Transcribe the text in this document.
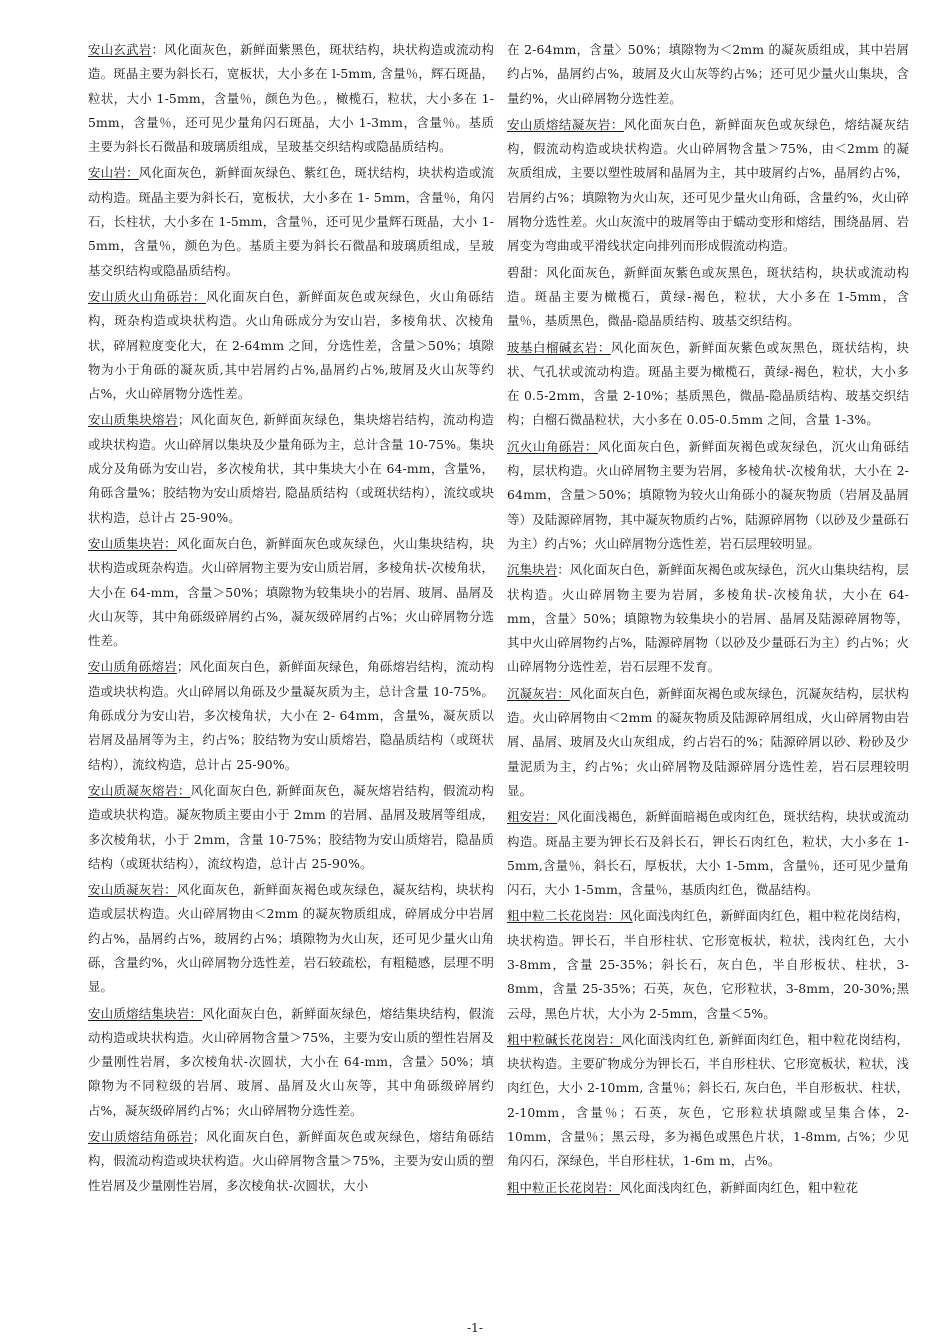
安山玄武岩：风化面灰色，新鲜面紫黑色，斑状结构，块状构造或流动构造。斑晶主要为斜长石，宽板状，大小多在 l-5mm, 含量％，辉石斑晶，粒状，大小 1-5mm，含量％，颜色为色。，橄榄石，粒状，大小多在 1-5mm，含量％，还可见少量角闪石斑晶，大小 1-3mm，含量％。基质主要为斜长石微晶和玻璃质组成，呈玻基交织结构或隐晶质结构。
安山岩：风化面灰色，新鲜面灰绿色、紫红色，斑状结构，块状构造或流动构造。斑晶主要为斜长石，宽板状，大小多在 1- 5mm，含量％，角闪石，长柱状，大小多在 1-5mm，含量％，还可见少量辉石斑晶，大小 1-5mm，含量％，颜色为色。基质主要为斜长石微晶和玻璃质组成，呈玻基交织结构或隐晶质结构。
安山质火山角砾岩：风化面灰白色，新鲜面灰色或灰绿色，火山角砾结构，斑杂构造或块状构造。火山角砾成分为安山岩，多棱角状、次棱角状，碎屑粒度变化大，在 2-64mm 之间，分选性差，含量＞50%；填隙物为小于角砾的凝灰质,其中岩屑约占%,晶屑约占%,玻屑及火山灰等约占%，火山碎屑物分选性差。
安山质集块熔岩；风化面灰色, 新鲜面灰绿色，集块熔岩结构，流动构造或块状构造。火山碎屑以集块及少量角砾为主，总计含量 10-75%。集块成分及角砾为安山岩，多次棱角状，其中集块大小在 64-mm，含量%，角砾含量%；胶结物为安山质熔岩, 隐晶质结构（或斑状结构），流纹或块状构造，总计占 25-90%。
安山质集块岩：风化面灰白色，新鲜面灰色或灰绿色，火山集块结构，块状构造或斑杂构造。火山碎屑物主要为安山质岩屑，多棱角状-次棱角状，大小在 64-mm，含量＞50%；填隙物为较集块小的岩屑、玻屑、晶屑及火山灰等，其中角砾级碎屑约占%，凝灰级碎屑约占%；火山碎屑物分选性差。
安山质角砾熔岩；风化面灰白色，新鲜面灰绿色，角砾熔岩结构，流动构造或块状构造。火山碎屑以角砾及少量凝灰质为主，总计含量 10-75%。角砾成分为安山岩，多次棱角状，大小在 2- 64mm，含量%，凝灰质以岩屑及晶屑等为主，约占%；胶结物为安山质熔岩，隐晶质结构（或斑状结构），流纹构造，总计占 25-90%。
安山质凝灰熔岩：风化面灰白色, 新鲜面灰色，凝灰熔岩结构，假流动构造或块状构造。凝灰物质主要由小于 2mm 的岩屑、晶屑及玻屑等组成，多次棱角状，小于 2mm，含量 10-75%；胶结物为安山质熔岩，隐晶质结构（或斑状结构），流纹构造，总计占 25-90%。
安山质凝灰岩：风化面灰色，新鲜面灰褐色或灰绿色，凝灰结构，块状构造或层状构造。火山碎屑物由＜2mm 的凝灰物质组成，碎屑成分中岩屑约占%，晶屑约占%，玻屑约占%；填隙物为火山灰，还可见少量火山角砾，含量约%，火山碎屑物分选性差，岩石较疏松，有粗糙感，层理不明显。
安山质熔结集块岩：风化面灰白色，新鲜面灰绿色，熔结集块结构，假流动构造或块状构造。火山碎屑物含量＞75%，主要为安山质的塑性岩屑及少量刚性岩屑，多次棱角状-次圆状，大小在 64-mm，含量〉50%；填隙物为不同粒级的岩屑、玻屑、晶屑及火山灰等，其中角砾级碎屑约占%，凝灰级碎屑约占%；火山碎屑物分选性差。
安山质熔结角砾岩；风化面灰白色，新鲜面灰色或灰绿色，熔结角砾结构，假流动构造或块状构造。火山碎屑物含量＞75%，主要为安山质的塑性岩屑及少量刚性岩屑，多次棱角状-次圆状，大小
在 2-64mm，含量〉50%；填隙物为＜2mm 的凝灰质组成，其中岩屑约占%，晶屑约占%，玻屑及火山灰等约占%；还可见少量火山集块，含量约%，火山碎屑物分选性差。
安山质熔结凝灰岩：风化面灰白色，新鲜面灰色或灰绿色，熔结凝灰结构，假流动构造或块状构造。火山碎屑物含量＞75%，由＜2mm 的凝灰质组成，主要以塑性玻屑和晶屑为主，其中玻屑约占%，晶屑约占%，岩屑约占%；填隙物为火山灰，还可见少量火山角砾，含量约%，火山碎屑物分选性差。火山灰流中的玻屑等由于蠕动变形和熔结，围绕晶屑、岩屑变为弯曲或平滑线状定向排列而形成假流动构造。
碧甜：风化面灰色，新鲜面灰紫色或灰黑色，斑状结构，块状或流动构造。斑晶主要为橄榄石，黄绿-褐色，粒状，大小多在 1-5mm，含量％，基质黑色，微晶-隐晶质结构、玻基交织结构。
玻基白榴碱玄岩：风化面灰色，新鲜面灰紫色或灰黑色，斑状结构，块状、气孔状或流动构造。斑晶主要为橄榄石，黄绿-褐色，粒状，大小多在 0.5-2mm，含量 2-10%；基质黑色，微晶-隐晶质结构、玻基交织结构；白榴石微晶粒状，大小多在 0.05-0.5mm 之间，含量 1-3%。
沉火山角砾岩：风化面灰白色，新鲜面灰褐色或灰绿色，沉火山角砾结构，层状构造。火山碎屑物主要为岩屑，多棱角状-次棱角状，大小在 2-64mm，含量＞50%；填隙物为较火山角砾小的凝灰物质（岩屑及晶屑等）及陆源碎屑物，其中凝灰物质约占%，陆源碎屑物（以砂及少量砾石为主）约占%；火山碎屑物分选性差，岩石层理较明显。
沉集块岩：风化面灰白色，新鲜面灰褐色或灰绿色，沉火山集块结构，层状构造。火山碎屑物主要为岩屑，多棱角状-次棱角状，大小在 64-mm，含量〉50%；填隙物为较集块小的岩屑、晶屑及陆源碎屑物等，其中火山碎屑物约占%，陆源碎屑物（以砂及少量砾石为主）约占%；火山碎屑物分选性差，岩石层理不发育。
沉凝灰岩：风化面灰白色，新鲜面灰褐色或灰绿色，沉凝灰结构，层状构造。火山碎屑物由＜2mm 的凝灰物质及陆源碎屑组成，火山碎屑物由岩屑、晶屑、玻屑及火山灰组成，约占岩石的%；陆源碎屑以砂、粉砂及少量泥质为主，约占%；火山碎屑物及陆源碎屑分选性差，岩石层理较明显。
粗安岩：风化面浅褐色，新鲜面暗褐色或肉红色，斑状结构，块状或流动构造。斑晶主要为钾长石及斜长石，钾长石肉红色，粒状，大小多在 1-5mm,含量％，斜长石，厚板状，大小 1-5mm，含量％，还可见少量角闪石，大小 1-5mm，含量％，基质肉红色，微晶结构。
粗中粒二长花岗岩：风化面浅肉红色，新鲜面肉红色，粗中粒花岗结构，块状构造。钾长石，半自形柱状、它形宽板状，粒状，浅肉红色，大小 3-8mm，含量 25-35%；斜长石，灰白色，半自形板状、柱状，3-8mm，含量 25-35%；石英，灰色，它形粒状，3-8mm，20-30%;黑云母，黑色片状，大小为 2-5mm，含量＜5%。
粗中粒碱长花岗岩：风化面浅肉红色, 新鲜面肉红色，粗中粒花岗结构，块状构造。主要矿物成分为钾长石，半自形柱状、它形宽板状，粒状，浅肉红色，大小 2-10mm, 含量％；斜长石, 灰白色，半自形板状、柱状，2-10mm，含量％；石英，灰色，它形粒状填隙或呈集合体，2-10mm，含量％；黑云母，多为褐色或黑色片状，1-8mm, 占%；少见角闪石，深绿色，半自形柱状，1-6m m，占%。
粗中粒正长花岗岩：风化面浅肉红色，新鲜面肉红色，粗中粒花
-1-
